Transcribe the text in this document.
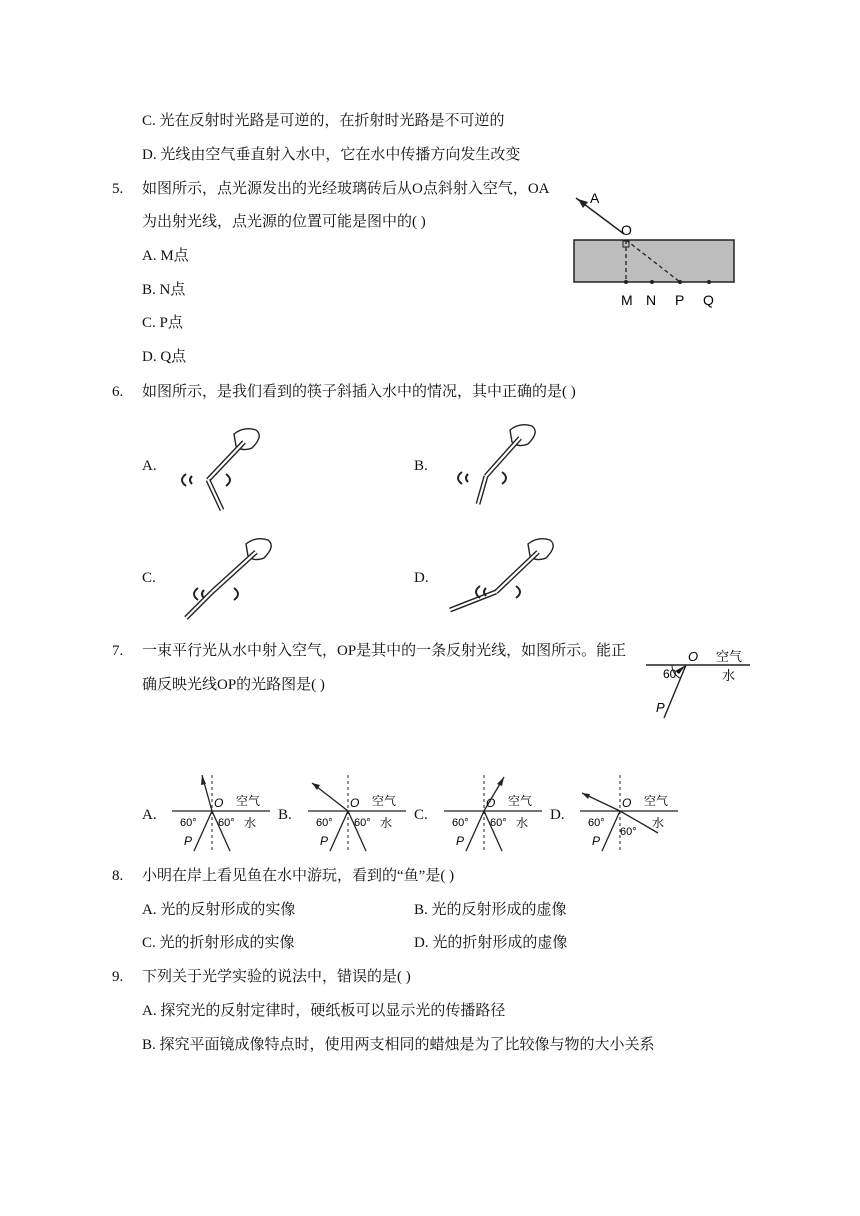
C. 光在反射时光路是可逆的，在折射时光路是不可逆的
D. 光线由空气垂直射入水中，它在水中传播方向发生改变
5.	如图所示，点光源发出的光经玻璃砖后从O点斜射入空气，OA
为出射光线，点光源的位置可能是图中的( )
A. M点
B. N点
C. P点
D. Q点
A
O
M N P Q
6.	如图所示，是我们看到的筷子斜插入水中的情况，其中正确的是( )
A.	B.
C.	D.
7.	一束平行光从水中射入空气，OP是其中的一条反射光线，如图所示。能正
确反映光线OP的光路图是( )
O 空气
水
60°
P
A.
O 空气
水
60° 60°
P
B.
O 空气
水
60° 60°
P
C.
O 空气
水
60° 60°
P
D.
O 空气
水
60°
60°
P
8.	小明在岸上看见鱼在水中游玩，看到的“鱼”是( )
A. 光的反射形成的实像	B. 光的反射形成的虚像
C. 光的折射形成的实像	D. 光的折射形成的虚像
9.	下列关于光学实验的说法中，错误的是( )
A. 探究光的反射定律时，硬纸板可以显示光的传播路径
B. 探究平面镜成像特点时，使用两支相同的蜡烛是为了比较像与物的大小关系
